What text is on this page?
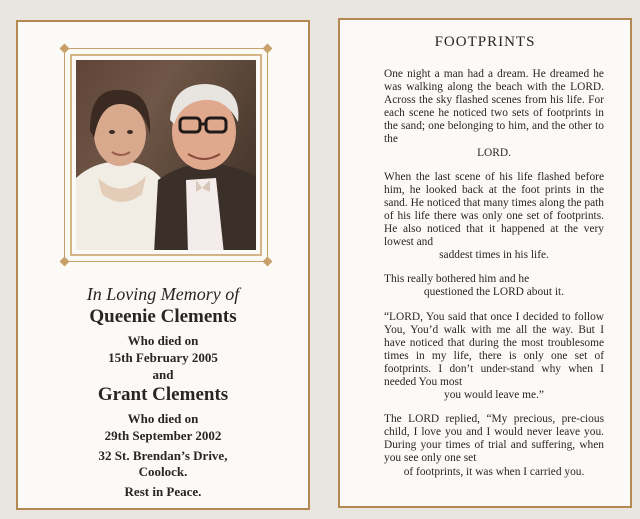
In Loving Memory of
Queenie Clements
Who died on
15th February 2005
and
Grant Clements
Who died on
29th September 2002
32 St. Brendan’s Drive,
Coolock.
Rest in Peace.
FOOTPRINTS

One night a man had a dream. He dreamed he was walking along the beach with the LORD. Across the sky flashed scenes from his life. For each scene he noticed two sets of footprints in the sand; one belonging to him, and the other to the
LORD.

When the last scene of his life flashed before him, he looked back at the foot prints in the sand. He noticed that many times along the path of his life there was only one set of footprints. He also noticed that it happened at the very lowest and
saddest times in his life.

This really bothered him and he
questioned the LORD about it.

“LORD, You said that once I decided to follow You, You’d walk with me all the way. But I have noticed that during the most troublesome times in my life, there is only one set of footprints. I don’t under-stand why when I needed You most
you would leave me.”

The LORD replied, “My precious, pre-cious child, I love you and I would never leave you. During your times of trial and suffering, when you see only one set
of footprints, it was when I carried you.
